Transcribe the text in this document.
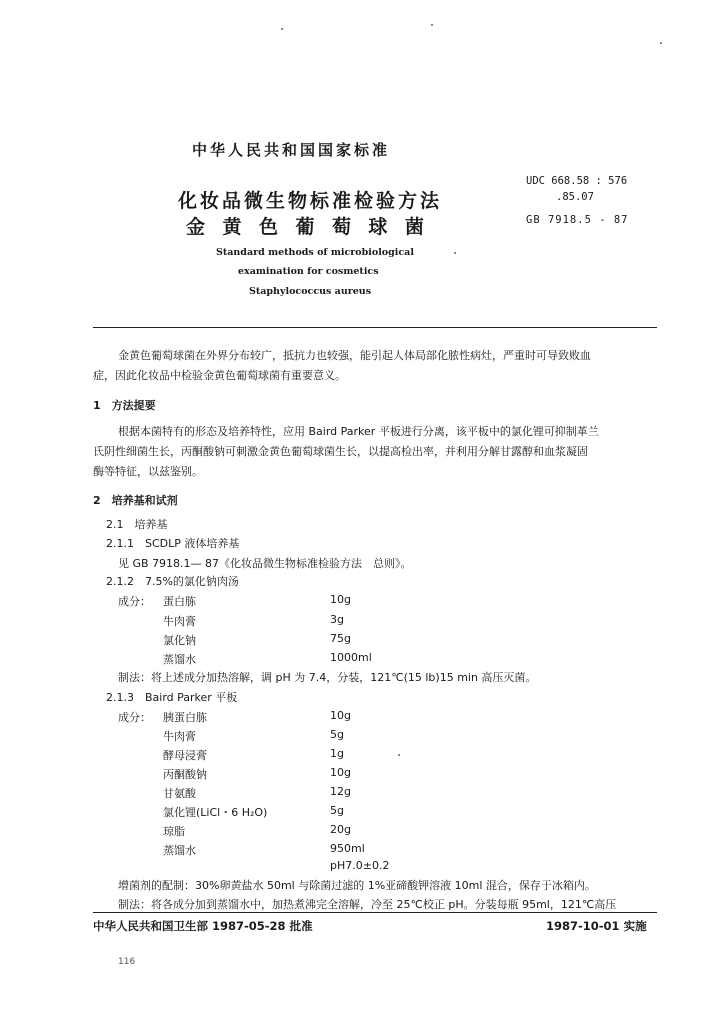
中华人民共和国国家标准
化妆品微生物标准检验方法
金 黄 色 葡 萄 球 菌
Standard methods of microbiological
examination for cosmetics
Staphylococcus aureus
UDC 668.58 : 576
.85.07
GB 7918.5 - 87
金黄色葡萄球菌在外界分布较广，抵抗力也较强，能引起人体局部化脓性病灶，严重时可导致败血
症，因此化妆品中检验金黄色葡萄球菌有重要意义。
1　方法提要
根据本菌特有的形态及培养特性，应用 Baird Parker 平板进行分离，该平板中的氯化锂可抑制革兰
氏阴性细菌生长，丙酮酸钠可刺激金黄色葡萄球菌生长，以提高检出率，并利用分解甘露醇和血浆凝固
酶等特征，以兹鉴别。
2　培养基和试剂
2.1　培养基
2.1.1　SCDLP 液体培养基
见 GB 7918.1— 87《化妆品微生物标准检验方法　总则》。
2.1.2　7.5%的氯化钠肉汤
成分： 蛋白胨	10g
牛肉膏	3g
氯化钠	75g
蒸馏水	1000ml
制法：将上述成分加热溶解，调 pH 为 7.4，分装，121℃(15 lb)15 min 高压灭菌。
2.1.3　Baird Parker 平板
成分： 胰蛋白胨	10g
牛肉膏	5g
酵母浸膏	1g
丙酮酸钠	10g
甘氨酸	12g
氯化锂(LiCl・6 H₂O)	5g
琼脂	20g
蒸馏水	950ml
pH7.0±0.2
增菌剂的配制：30%卵黄盐水 50ml 与除菌过滤的 1%亚碲酸钾溶液 10ml 混合，保存于冰箱内。
制法：将各成分加到蒸馏水中，加热煮沸完全溶解，冷至 25℃校正 pH。分装每瓶 95ml，121℃高压
中华人民共和国卫生部 1987-05-28 批准	1987-10-01 实施
116
